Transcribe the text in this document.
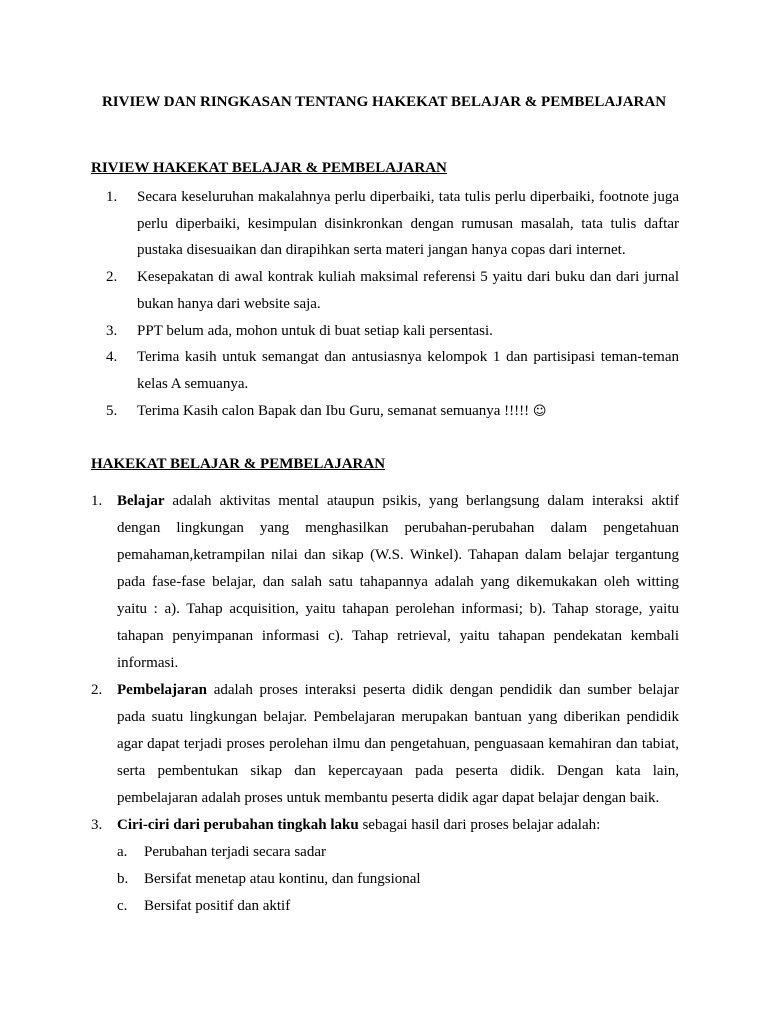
RIVIEW DAN RINGKASAN TENTANG HAKEKAT BELAJAR & PEMBELAJARAN
RIVIEW HAKEKAT BELAJAR & PEMBELAJARAN
1. Secara keseluruhan makalahnya perlu diperbaiki, tata tulis perlu diperbaiki, footnote juga perlu diperbaiki, kesimpulan disinkronkan dengan rumusan masalah, tata tulis daftar pustaka disesuaikan dan dirapihkan serta materi jangan hanya copas dari internet.
2. Kesepakatan di awal kontrak kuliah maksimal referensi 5 yaitu dari buku dan dari jurnal bukan hanya dari website saja.
3. PPT belum ada, mohon untuk di buat setiap kali persentasi.
4. Terima kasih untuk semangat dan antusiasnya kelompok 1 dan partisipasi teman-teman kelas A semuanya.
5. Terima Kasih calon Bapak dan Ibu Guru, semanat semuanya !!!!! ☺
HAKEKAT BELAJAR & PEMBELAJARAN
1. Belajar adalah aktivitas mental ataupun psikis, yang berlangsung dalam interaksi aktif dengan lingkungan yang menghasilkan perubahan-perubahan dalam pengetahuan pemahaman,ketrampilan nilai dan sikap (W.S. Winkel). Tahapan dalam belajar tergantung pada fase-fase belajar, dan salah satu tahapannya adalah yang dikemukakan oleh witting yaitu : a). Tahap acquisition, yaitu tahapan perolehan informasi; b). Tahap storage, yaitu tahapan penyimpanan informasi c). Tahap retrieval, yaitu tahapan pendekatan kembali informasi.
2. Pembelajaran adalah proses interaksi peserta didik dengan pendidik dan sumber belajar pada suatu lingkungan belajar. Pembelajaran merupakan bantuan yang diberikan pendidik agar dapat terjadi proses perolehan ilmu dan pengetahuan, penguasaan kemahiran dan tabiat, serta pembentukan sikap dan kepercayaan pada peserta didik. Dengan kata lain, pembelajaran adalah proses untuk membantu peserta didik agar dapat belajar dengan baik.
3. Ciri-ciri dari perubahan tingkah laku sebagai hasil dari proses belajar adalah:
a. Perubahan terjadi secara sadar
b. Bersifat menetap atau kontinu, dan fungsional
c. Bersifat positif dan aktif
